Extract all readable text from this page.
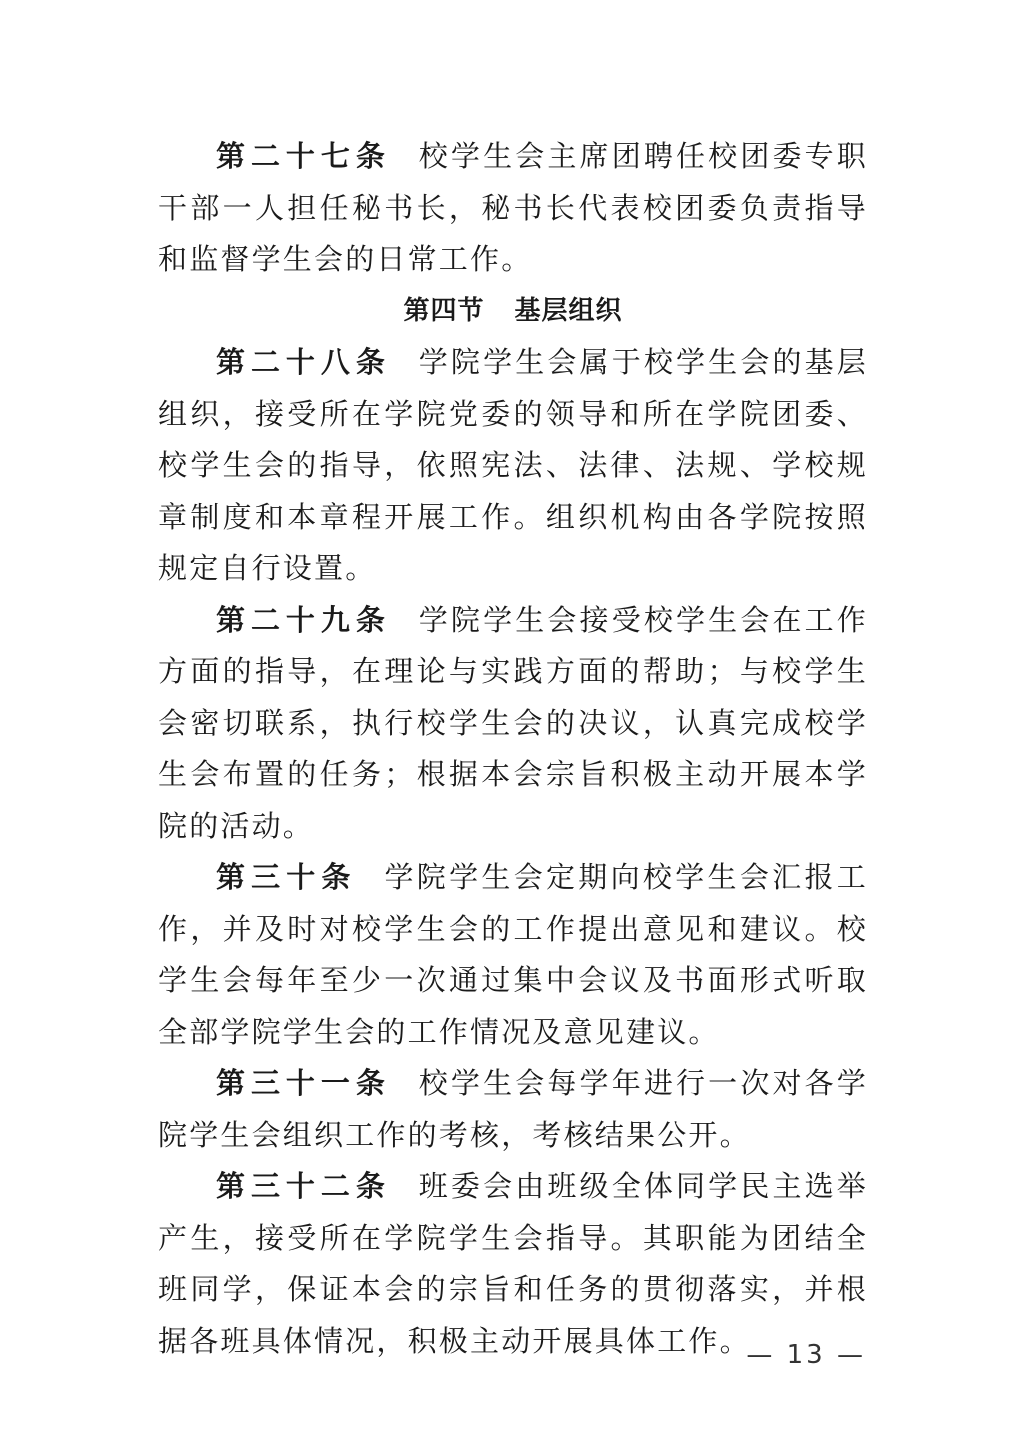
第二十七条 校学生会主席团聘任校团委专职干部一人担任秘书长，秘书长代表校团委负责指导和监督学生会的日常工作。

第四节 基层组织

第二十八条 学院学生会属于校学生会的基层组织，接受所在学院党委的领导和所在学院团委、校学生会的指导，依照宪法、法律、法规、学校规章制度和本章程开展工作。组织机构由各学院按照规定自行设置。

第二十九条 学院学生会接受校学生会在工作方面的指导，在理论与实践方面的帮助；与校学生会密切联系，执行校学生会的决议，认真完成校学生会布置的任务；根据本会宗旨积极主动开展本学院的活动。

第三十条 学院学生会定期向校学生会汇报工作，并及时对校学生会的工作提出意见和建议。校学生会每年至少一次通过集中会议及书面形式听取全部学院学生会的工作情况及意见建议。

第三十一条 校学生会每学年进行一次对各学院学生会组织工作的考核，考核结果公开。

第三十二条 班委会由班级全体同学民主选举产生，接受所在学院学生会指导。其职能为团结全班同学，保证本会的宗旨和任务的贯彻落实，并根据各班具体情况，积极主动开展具体工作。

— 13 —
